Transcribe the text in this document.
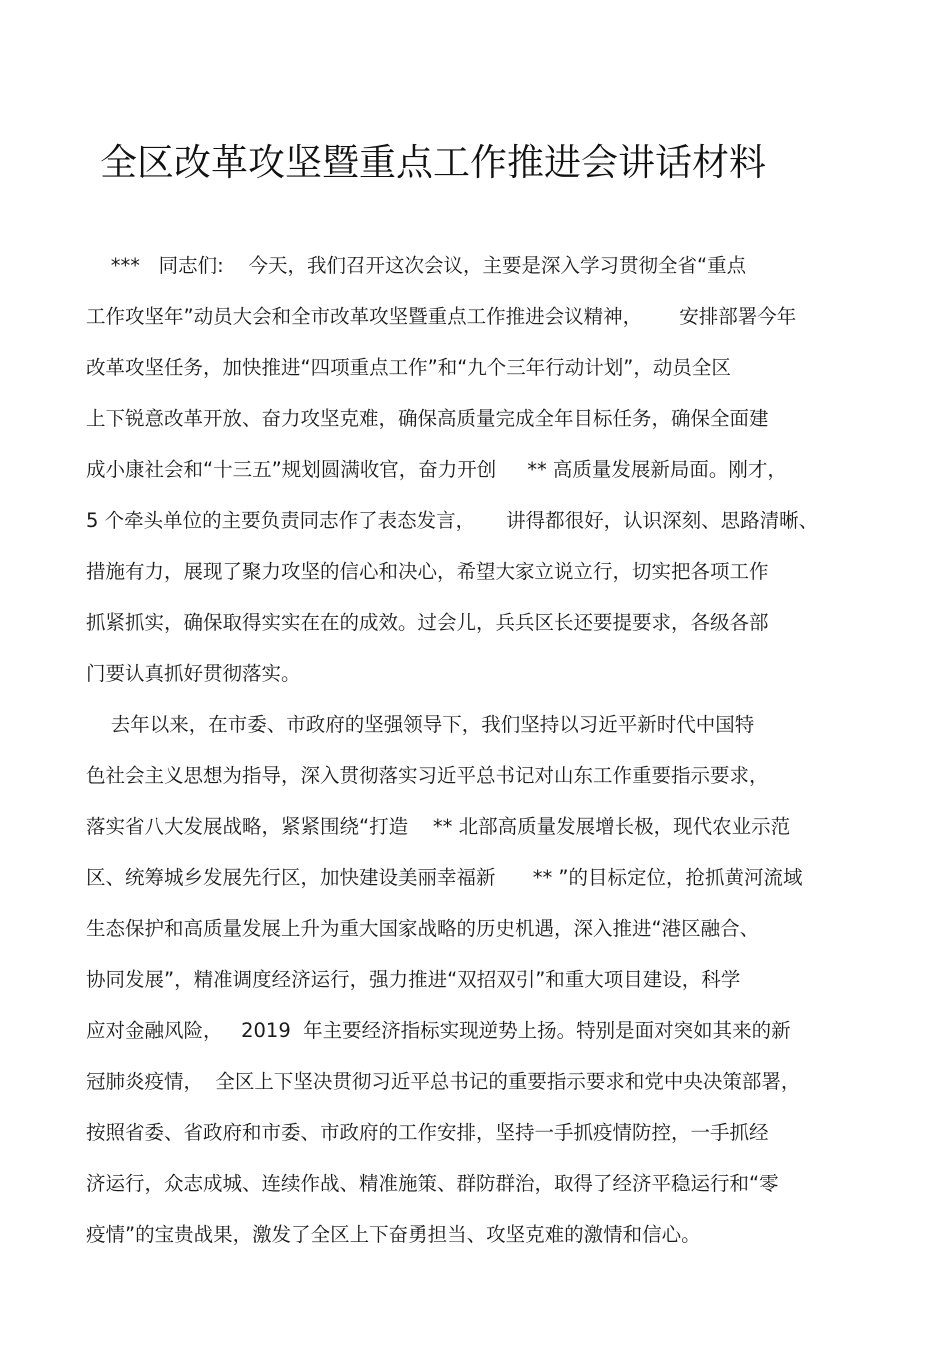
全区改革攻坚暨重点工作推进会讲话材料
***   同志们:    今天，我们召开这次会议，主要是深入学习贯彻全省“重点
工作攻坚年”动员大会和全市改革攻坚暨重点工作推进会议精神，      安排部署今年
改革攻坚任务，加快推进“四项重点工作”和“九个三年行动计划”，动员全区
上下锐意改革开放、奋力攻坚克难，确保高质量完成全年目标任务，确保全面建
成小康社会和“十三五”规划圆满收官，奋力开创     ** 高质量发展新局面。刚才，
5 个牵头单位的主要负责同志作了表态发言，     讲得都很好，认识深刻、思路清晰、
措施有力，展现了聚力攻坚的信心和决心，希望大家立说立行，切实把各项工作
抓紧抓实，确保取得实实在在的成效。过会儿，兵兵区长还要提要求，各级各部
门要认真抓好贯彻落实。
去年以来，在市委、市政府的坚强领导下，我们坚持以习近平新时代中国特
色社会主义思想为指导，深入贯彻落实习近平总书记对山东工作重要指示要求，
落实省八大发展战略，紧紧围绕“打造    ** 北部高质量发展增长极，现代农业示范
区、统筹城乡发展先行区，加快建设美丽幸福新      ** ”的目标定位，抢抓黄河流域
生态保护和高质量发展上升为重大国家战略的历史机遇，深入推进“港区融合、
协同发展”，精准调度经济运行，强力推进“双招双引”和重大项目建设，科学
应对金融风险，   2019  年主要经济指标实现逆势上扬。特别是面对突如其来的新
冠肺炎疫情，  全区上下坚决贯彻习近平总书记的重要指示要求和党中央决策部署，
按照省委、省政府和市委、市政府的工作安排，坚持一手抓疫情防控，一手抓经
济运行，众志成城、连续作战、精准施策、群防群治，取得了经济平稳运行和“零
疫情”的宝贵战果，激发了全区上下奋勇担当、攻坚克难的激情和信心。
